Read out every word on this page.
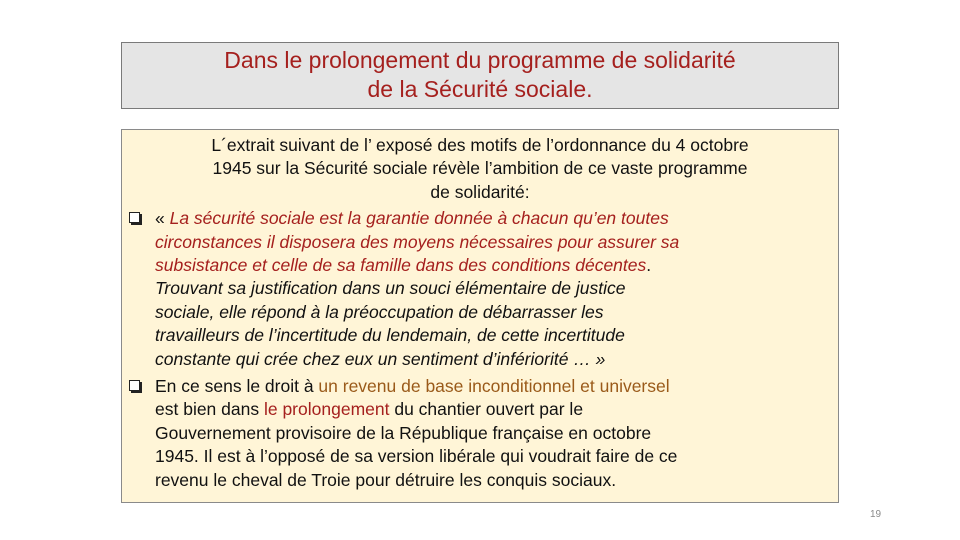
Dans le prolongement du programme de solidarité
de la Sécurité sociale.
L´extrait suivant de l’ exposé des motifs de l’ordonnance du 4 octobre
1945 sur la Sécurité sociale révèle l’ambition de ce vaste programme
de solidarité:
« La sécurité sociale est la garantie donnée à chacun qu’en toutes
circonstances il disposera des moyens nécessaires pour assurer sa
subsistance et celle de sa famille dans des conditions décentes.
Trouvant sa justification dans un souci élémentaire de justice
sociale, elle répond à la préoccupation de débarrasser les
travailleurs de l’incertitude du lendemain, de cette incertitude
constante qui crée chez eux un sentiment d’infériorité … »
En ce sens le droit à un revenu de base inconditionnel et universel
est bien dans le prolongement du chantier ouvert par le
Gouvernement provisoire de la République française en octobre
1945. Il est à l’opposé de sa version libérale qui voudrait faire de ce
revenu le cheval de Troie pour détruire les conquis sociaux.
19
